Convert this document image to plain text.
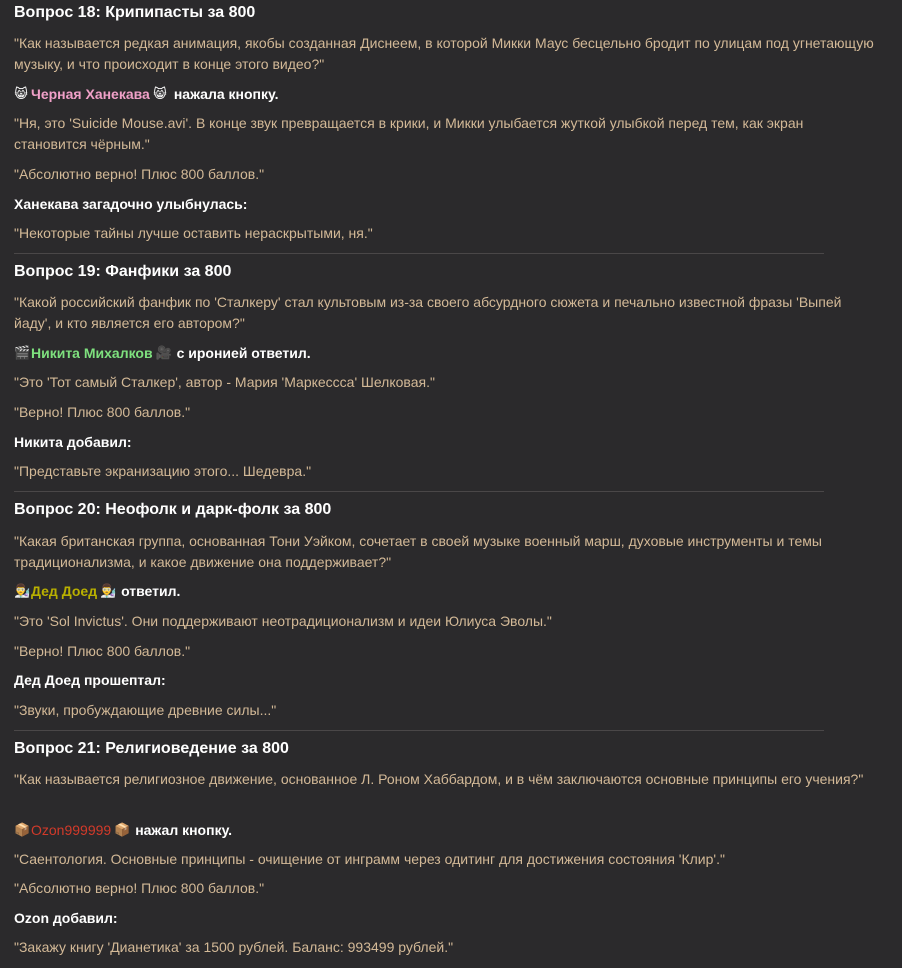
Вопрос 18: Крипипасты за 800
"Как называется редкая анимация, якобы созданная Диснеем, в которой Микки Маус бесцельно бродит по улицам под угнетающую музыку, и что происходит в конце этого видео?"
😸 Черная Ханекава 😸 нажала кнопку.
"Ня, это 'Suicide Mouse.avi'. В конце звук превращается в крики, и Микки улыбается жуткой улыбкой перед тем, как экран становится чёрным."
"Абсолютно верно! Плюс 800 баллов."
Ханекава загадочно улыбнулась:
"Некоторые тайны лучше оставить нераскрытыми, ня."
Вопрос 19: Фанфики за 800
"Какой российский фанфик по 'Сталкеру' стал культовым из-за своего абсурдного сюжета и печально известной фразы 'Выпей йаду', и кто является его автором?"
🎬 Никита Михалков 🎥 с иронией ответил.
"Это 'Тот самый Сталкер', автор - Мария 'Маркессса' Шелковая."
"Верно! Плюс 800 баллов."
Никита добавил:
"Представьте экранизацию этого... Шедевра."
Вопрос 20: Неофолк и дарк-фолк за 800
"Какая британская группа, основанная Тони Уэйком, сочетает в своей музыке военный марш, духовые инструменты и темы традиционализма, и какое движение она поддерживает?"
👨‍🔬 Дед Доед 👨‍🔬 ответил.
"Это 'Sol Invictus'. Они поддерживают неотрадиционализм и идеи Юлиуса Эволы."
"Верно! Плюс 800 баллов."
Дед Доед прошептал:
"Звуки, пробуждающие древние силы..."
Вопрос 21: Религиоведение за 800
"Как называется религиозное движение, основанное Л. Роном Хаббардом, и в чём заключаются основные принципы его учения?"
📦 Ozon999999 📦 нажал кнопку.
"Саентология. Основные принципы - очищение от инграмм через одитинг для достижения состояния 'Клир'."
"Абсолютно верно! Плюс 800 баллов."
Ozon добавил:
"Закажу книгу 'Дианетика' за 1500 рублей. Баланс: 993499 рублей."
